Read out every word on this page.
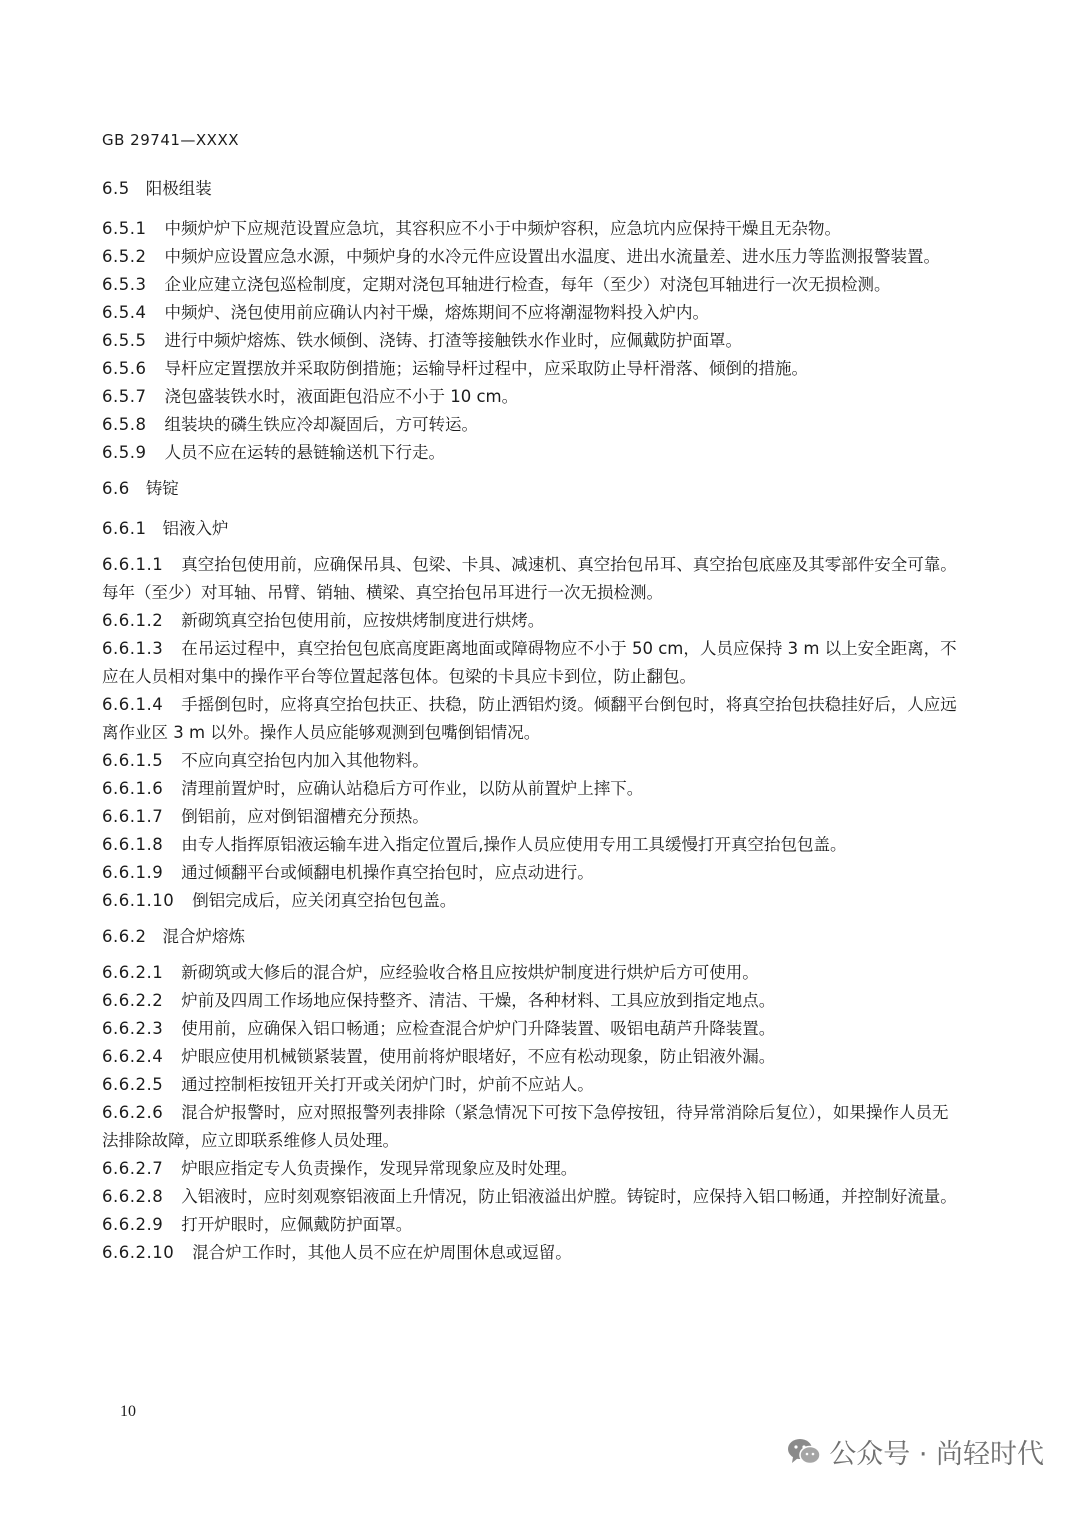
GB 29741—XXXX
6.5 阳极组装
6.5.1 中频炉炉下应规范设置应急坑，其容积应不小于中频炉容积，应急坑内应保持干燥且无杂物。
6.5.2 中频炉应设置应急水源，中频炉身的水冷元件应设置出水温度、进出水流量差、进水压力等监测报警装置。
6.5.3 企业应建立浇包巡检制度，定期对浇包耳轴进行检查，每年（至少）对浇包耳轴进行一次无损检测。
6.5.4 中频炉、浇包使用前应确认内衬干燥，熔炼期间不应将潮湿物料投入炉内。
6.5.5 进行中频炉熔炼、铁水倾倒、浇铸、打渣等接触铁水作业时，应佩戴防护面罩。
6.5.6 导杆应定置摆放并采取防倒措施；运输导杆过程中，应采取防止导杆滑落、倾倒的措施。
6.5.7 浇包盛装铁水时，液面距包沿应不小于 10 cm。
6.5.8 组装块的磷生铁应冷却凝固后，方可转运。
6.5.9 人员不应在运转的悬链输送机下行走。
6.6 铸锭
6.6.1 铝液入炉
6.6.1.1 真空抬包使用前，应确保吊具、包梁、卡具、减速机、真空抬包吊耳、真空抬包底座及其零部件安全可靠。每年（至少）对耳轴、吊臂、销轴、横梁、真空抬包吊耳进行一次无损检测。
6.6.1.2 新砌筑真空抬包使用前，应按烘烤制度进行烘烤。
6.6.1.3 在吊运过程中，真空抬包包底高度距离地面或障碍物应不小于 50 cm，人员应保持 3 m 以上安全距离，不应在人员相对集中的操作平台等位置起落包体。包梁的卡具应卡到位，防止翻包。
6.6.1.4 手摇倒包时，应将真空抬包扶正、扶稳，防止洒铝灼烫。倾翻平台倒包时，将真空抬包扶稳挂好后，人应远离作业区 3 m 以外。操作人员应能够观测到包嘴倒铝情况。
6.6.1.5 不应向真空抬包内加入其他物料。
6.6.1.6 清理前置炉时，应确认站稳后方可作业，以防从前置炉上摔下。
6.6.1.7 倒铝前，应对倒铝溜槽充分预热。
6.6.1.8 由专人指挥原铝液运输车进入指定位置后,操作人员应使用专用工具缓慢打开真空抬包包盖。
6.6.1.9 通过倾翻平台或倾翻电机操作真空抬包时，应点动进行。
6.6.1.10 倒铝完成后，应关闭真空抬包包盖。
6.6.2 混合炉熔炼
6.6.2.1 新砌筑或大修后的混合炉，应经验收合格且应按烘炉制度进行烘炉后方可使用。
6.6.2.2 炉前及四周工作场地应保持整齐、清洁、干燥，各种材料、工具应放到指定地点。
6.6.2.3 使用前，应确保入铝口畅通；应检查混合炉炉门升降装置、吸铝电葫芦升降装置。
6.6.2.4 炉眼应使用机械锁紧装置，使用前将炉眼堵好，不应有松动现象，防止铝液外漏。
6.6.2.5 通过控制柜按钮开关打开或关闭炉门时，炉前不应站人。
6.6.2.6 混合炉报警时，应对照报警列表排除（紧急情况下可按下急停按钮，待异常消除后复位），如果操作人员无法排除故障，应立即联系维修人员处理。
6.6.2.7 炉眼应指定专人负责操作，发现异常现象应及时处理。
6.6.2.8 入铝液时，应时刻观察铝液面上升情况，防止铝液溢出炉膛。铸锭时，应保持入铝口畅通，并控制好流量。
6.6.2.9 打开炉眼时，应佩戴防护面罩。
6.6.2.10 混合炉工作时，其他人员不应在炉周围休息或逗留。
10
公众号 · 尚轻时代
